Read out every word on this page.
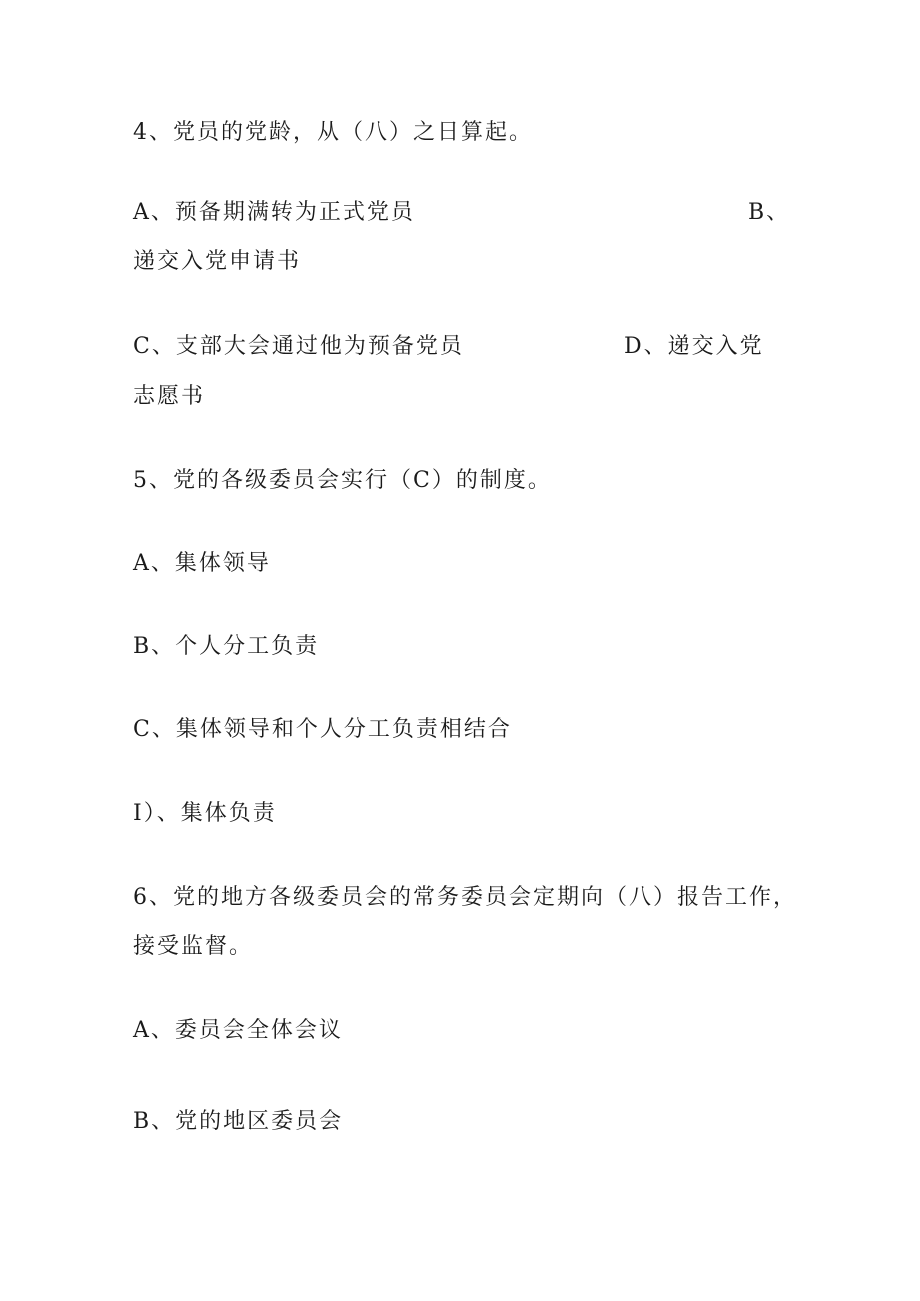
4、党员的党龄，从（八）之日算起。
A、预备期满转为正式党员	B、
递交入党申请书
C、支部大会通过他为预备党员	D、递交入党
志愿书
5、党的各级委员会实行（C）的制度。
A、集体领导
B、个人分工负责
C、集体领导和个人分工负责相结合
I）、集体负责
6、党的地方各级委员会的常务委员会定期向（八）报告工作，
接受监督。
A、委员会全体会议
B、党的地区委员会
